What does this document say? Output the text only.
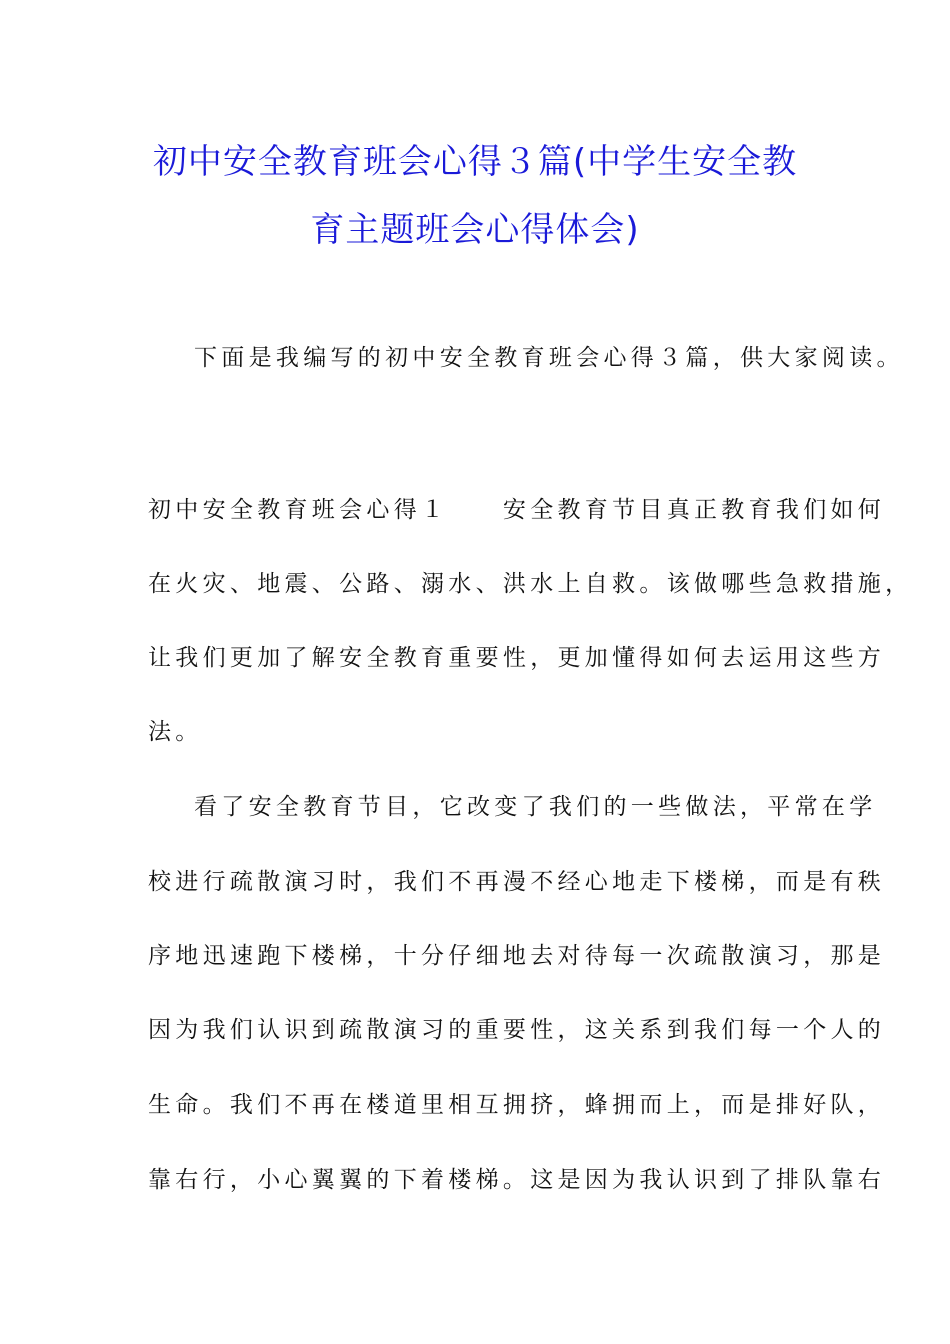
初中安全教育班会心得３篇(中学生安全教
育主题班会心得体会)
下面是我编写的初中安全教育班会心得３篇，供大家阅读。
初中安全教育班会心得１　　安全教育节目真正教育我们如何
在火灾、地震、公路、溺水、洪水上自救。该做哪些急救措施，
让我们更加了解安全教育重要性，更加懂得如何去运用这些方
法。
看了安全教育节目，它改变了我们的一些做法，平常在学
校进行疏散演习时，我们不再漫不经心地走下楼梯，而是有秩
序地迅速跑下楼梯，十分仔细地去对待每一次疏散演习，那是
因为我们认识到疏散演习的重要性，这关系到我们每一个人的
生命。我们不再在楼道里相互拥挤，蜂拥而上，而是排好队，
靠右行，小心翼翼的下着楼梯。这是因为我认识到了排队靠右
